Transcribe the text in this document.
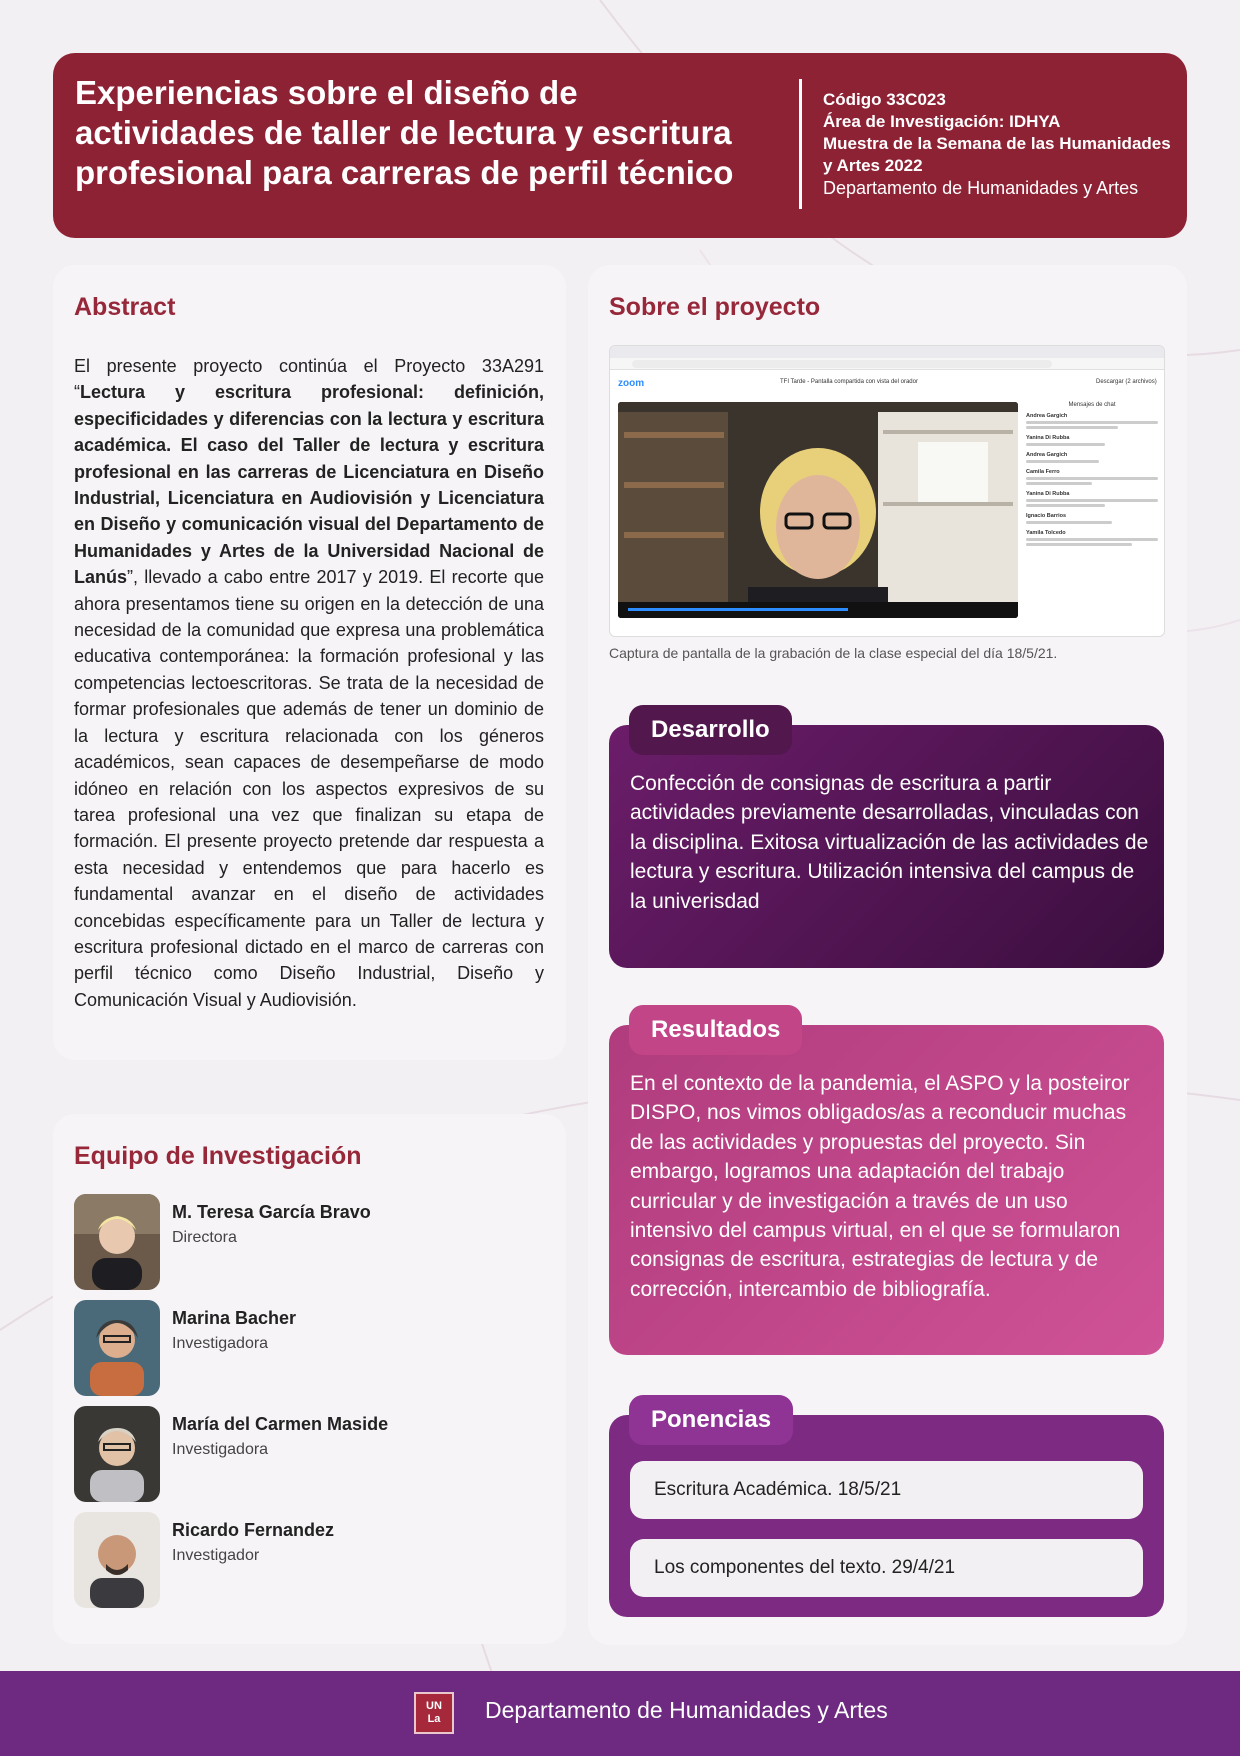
Experiencias sobre el diseño de actividades de taller de lectura y escritura profesional para carreras de perfil técnico
Código 33C023
Área de Investigación: IDHYA
Muestra de la Semana de las Humanidades y Artes 2022
Departamento de Humanidades y Artes
Abstract
El presente proyecto continúa el Proyecto 33A291 “Lectura y escritura profesional: definición, especificidades y diferencias con la lectura y escritura académica. El caso del Taller de lectura y escritura profesional en las carreras de Licenciatura en Diseño Industrial, Licenciatura en Audiovisión y Licenciatura en Diseño y comunicación visual del Departamento de Humanidades y Artes de la Universidad Nacional de Lanús”, llevado a cabo entre 2017 y 2019. El recorte que ahora presentamos tiene su origen en la detección de una necesidad de la comunidad que expresa una problemática educativa contemporánea: la formación profesional y las competencias lectoescritoras. Se trata de la necesidad de formar profesionales que además de tener un dominio de la lectura y escritura relacionada con los géneros académicos, sean capaces de desempeñarse de modo idóneo en relación con los aspectos expresivos de su tarea profesional una vez que finalizan su etapa de formación. El presente proyecto pretende dar respuesta a esta necesidad y entendemos que para hacerlo es fundamental avanzar en el diseño de actividades concebidas específicamente para un Taller de lectura y escritura profesional dictado en el marco de carreras con perfil técnico como Diseño Industrial, Diseño y Comunicación Visual y Audiovisión.
Equipo de Investigación
M. Teresa García Bravo
Directora
Marina Bacher
Investigadora
María del Carmen Maside
Investigadora
Ricardo Fernandez
Investigador
Sobre el proyecto
zoom	TFI Tarde - Pantalla compartida con vista del orador	Descargar (2 archivos)
Mensajes de chat
Andrea Gargich
Yanina Di Rubba
Andrea Gargich
Camila Ferro
Yanina Di Rubba
Ignacio Barrios
Yamila Tolcedo
Captura de pantalla de la grabación de la clase especial del día 18/5/21.
Desarrollo
Confección de consignas de escritura a partir actividades previamente desarrolladas, vinculadas con la disciplina. Exitosa virtualización de las actividades de lectura y escritura. Utilización intensiva del campus de la univerisdad
Resultados
En el contexto de la pandemia, el ASPO y la posteiror DISPO, nos vimos obligados/as a reconducir muchas de las actividades y propuestas del proyecto. Sin embargo, logramos una adaptación del trabajo curricular y de investigación a través de un uso intensivo del campus virtual, en el que se formularon consignas de escritura, estrategias de lectura y de corrección, intercambio de bibliografía.
Ponencias
Escritura Académica. 18/5/21
Los componentes del texto. 29/4/21
UN
La	Departamento de Humanidades y Artes
